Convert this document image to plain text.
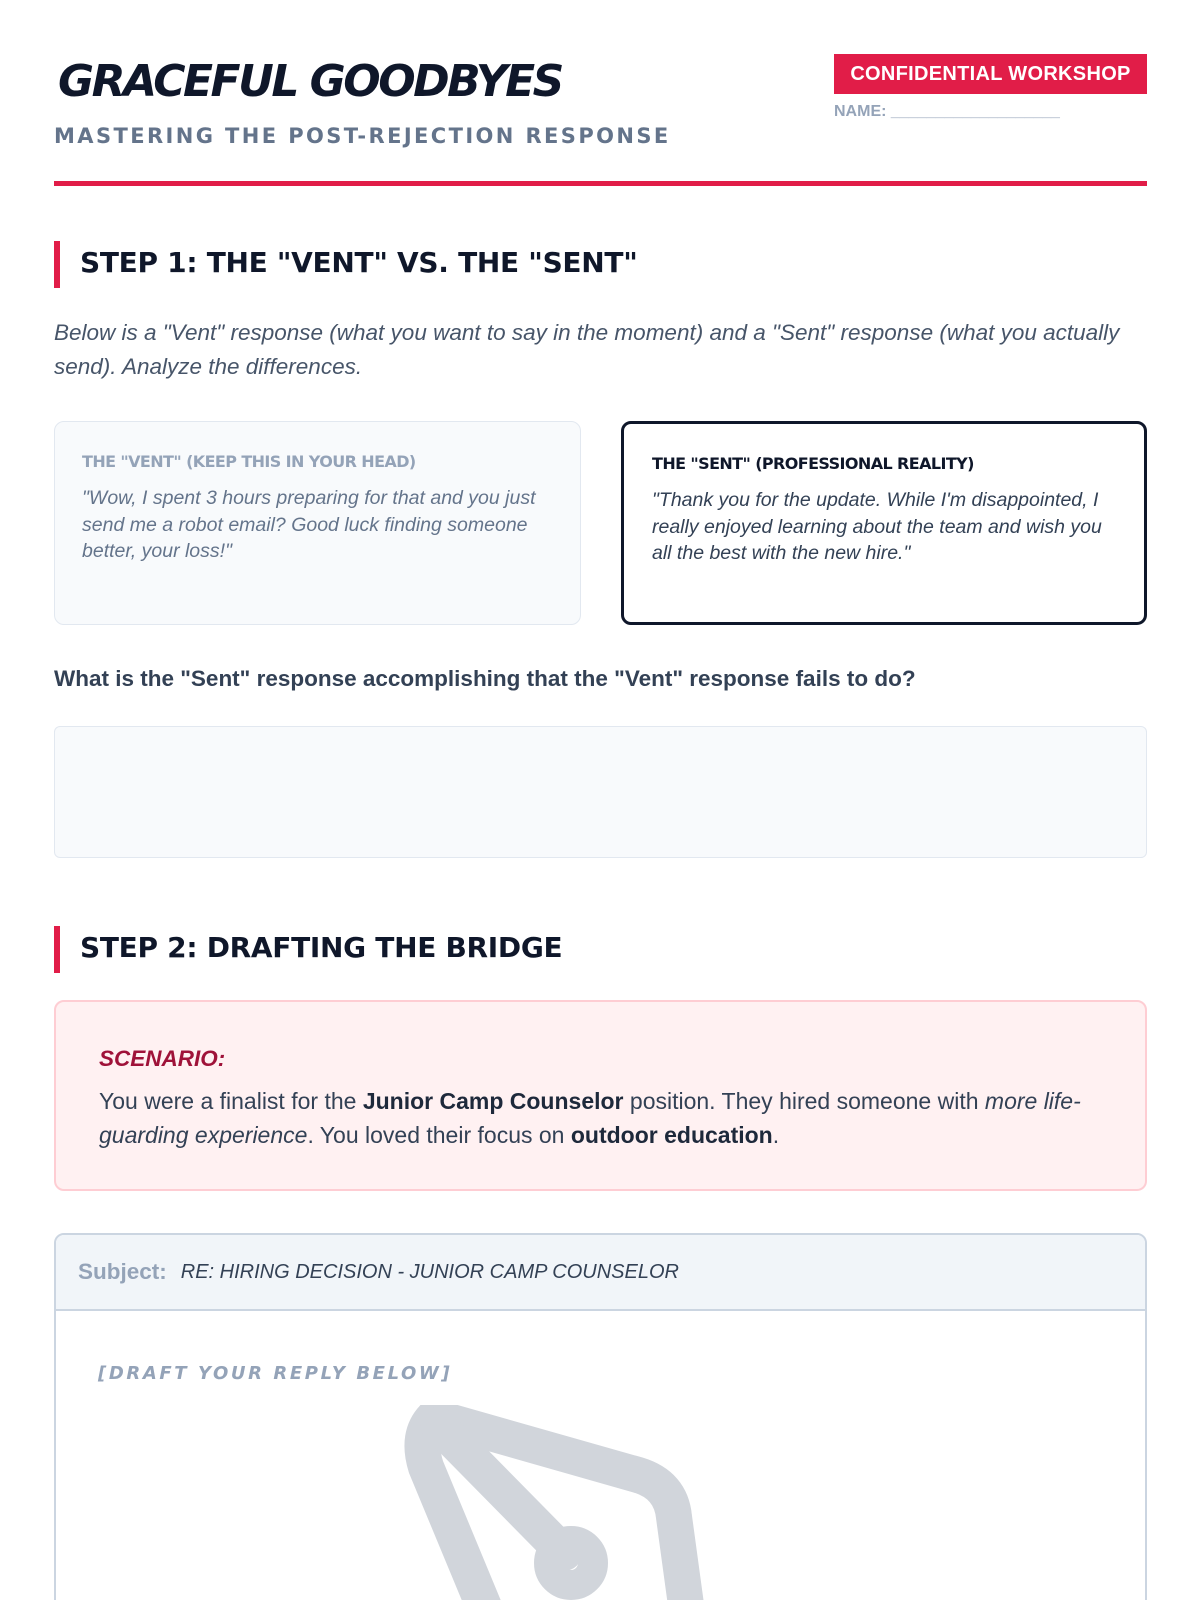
GRACEFUL GOODBYES
MASTERING THE POST-REJECTION RESPONSE
CONFIDENTIAL WORKSHOP
NAME: ___________________
STEP 1: THE "VENT" VS. THE "SENT"
Below is a "Vent" response (what you want to say in the moment) and a "Sent" response (what you actually send). Analyze the differences.
THE "VENT" (KEEP THIS IN YOUR HEAD)
"Wow, I spent 3 hours preparing for that and you just send me a robot email? Good luck finding someone better, your loss!"
THE "SENT" (PROFESSIONAL REALITY)
"Thank you for the update. While I'm disappointed, I really enjoyed learning about the team and wish you all the best with the new hire."
What is the "Sent" response accomplishing that the "Vent" response fails to do?
STEP 2: DRAFTING THE BRIDGE
SCENARIO:
You were a finalist for the Junior Camp Counselor position. They hired someone with more life-guarding experience. You loved their focus on outdoor education.
Subject: RE: HIRING DECISION - JUNIOR CAMP COUNSELOR
[DRAFT YOUR REPLY BELOW]
